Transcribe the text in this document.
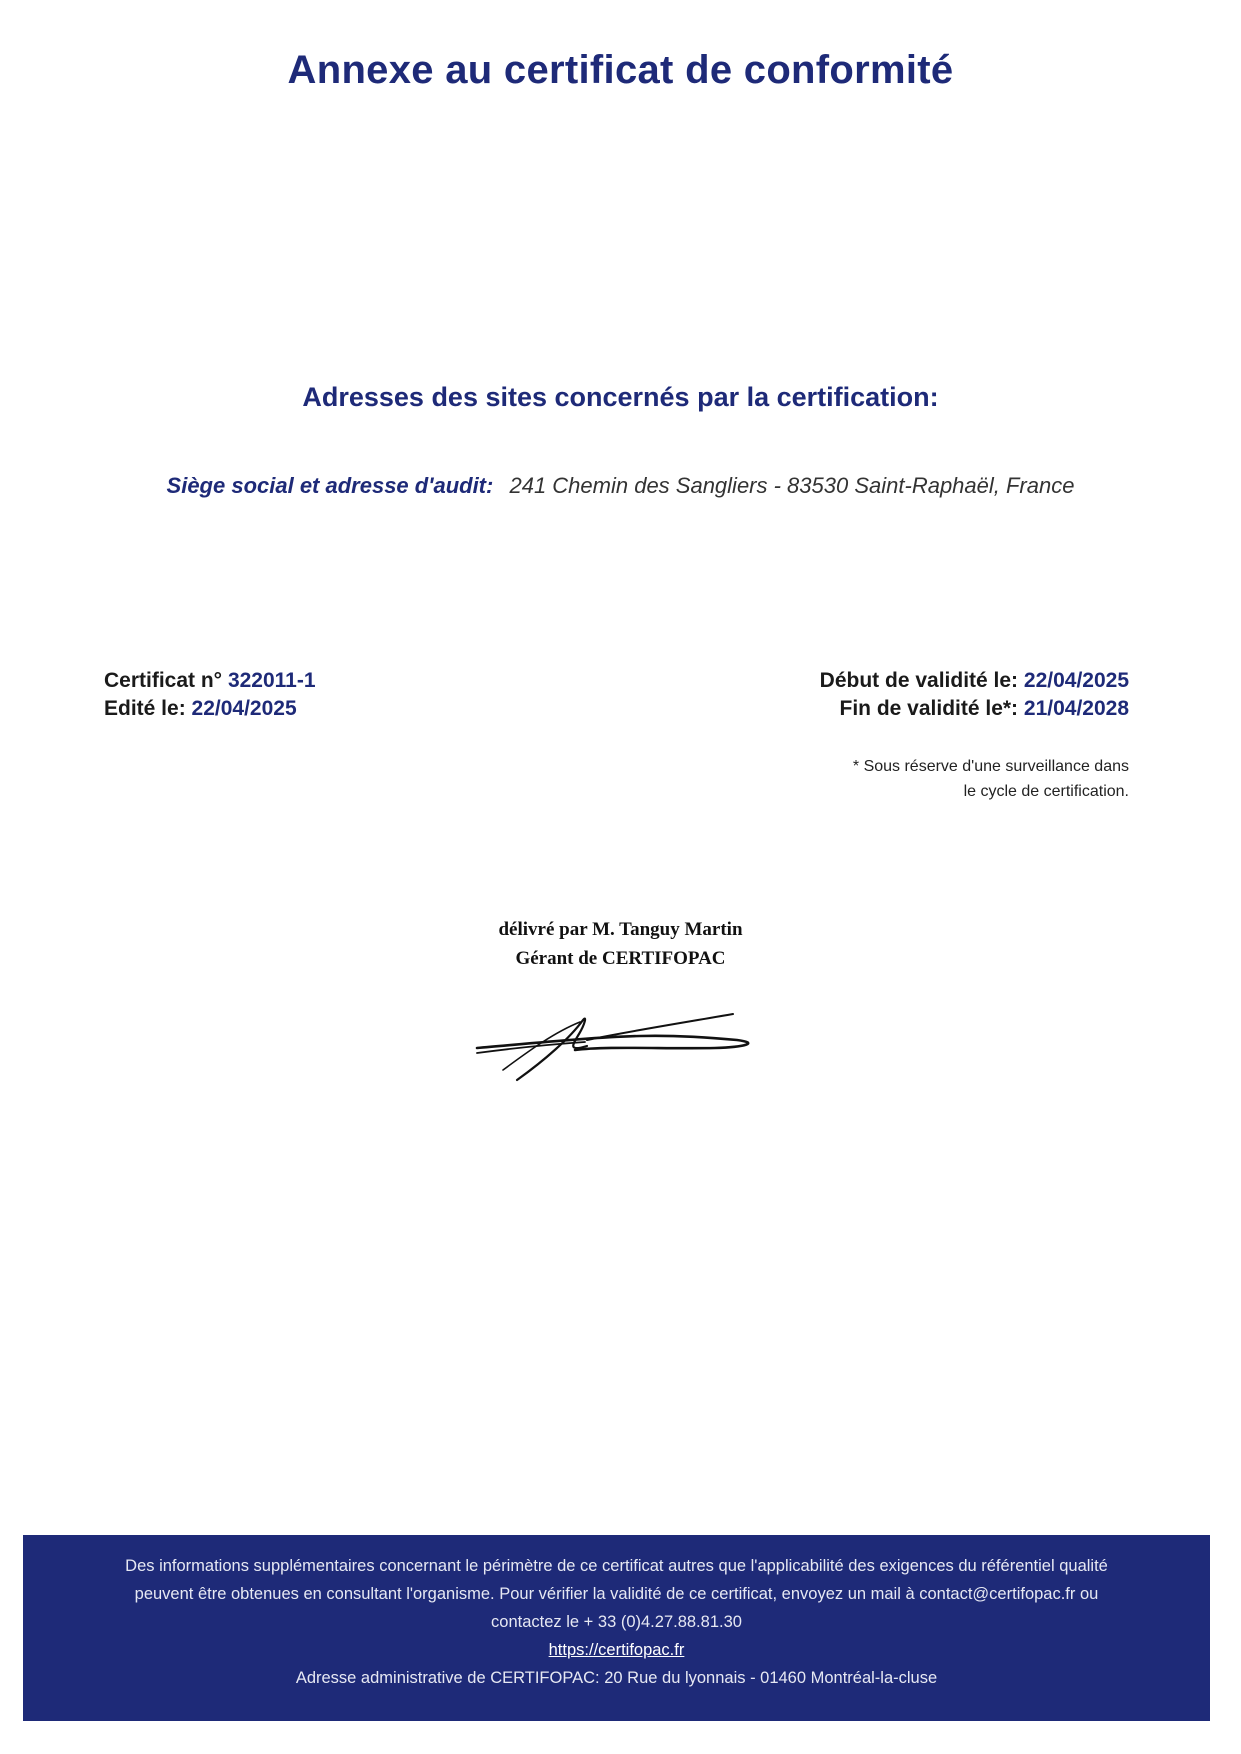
Annexe au certificat de conformité
Adresses des sites concernés par la certification:
Siège social et adresse d'audit: 241 Chemin des Sangliers - 83530 Saint-Raphaël, France
Certificat n° 322011-1
Edité le: 22/04/2025
Début de validité le: 22/04/2025
Fin de validité le*: 21/04/2028
* Sous réserve d'une surveillance dans
le cycle de certification.
délivré par M. Tanguy Martin
Gérant de CERTIFOPAC
Des informations supplémentaires concernant le périmètre de ce certificat autres que l'applicabilité des exigences du référentiel qualité
peuvent être obtenues en consultant l'organisme. Pour vérifier la validité de ce certificat, envoyez un mail à contact@certifopac.fr ou
contactez le + 33 (0)4.27.88.81.30
https://certifopac.fr
Adresse administrative de CERTIFOPAC: 20 Rue du lyonnais - 01460 Montréal-la-cluse
